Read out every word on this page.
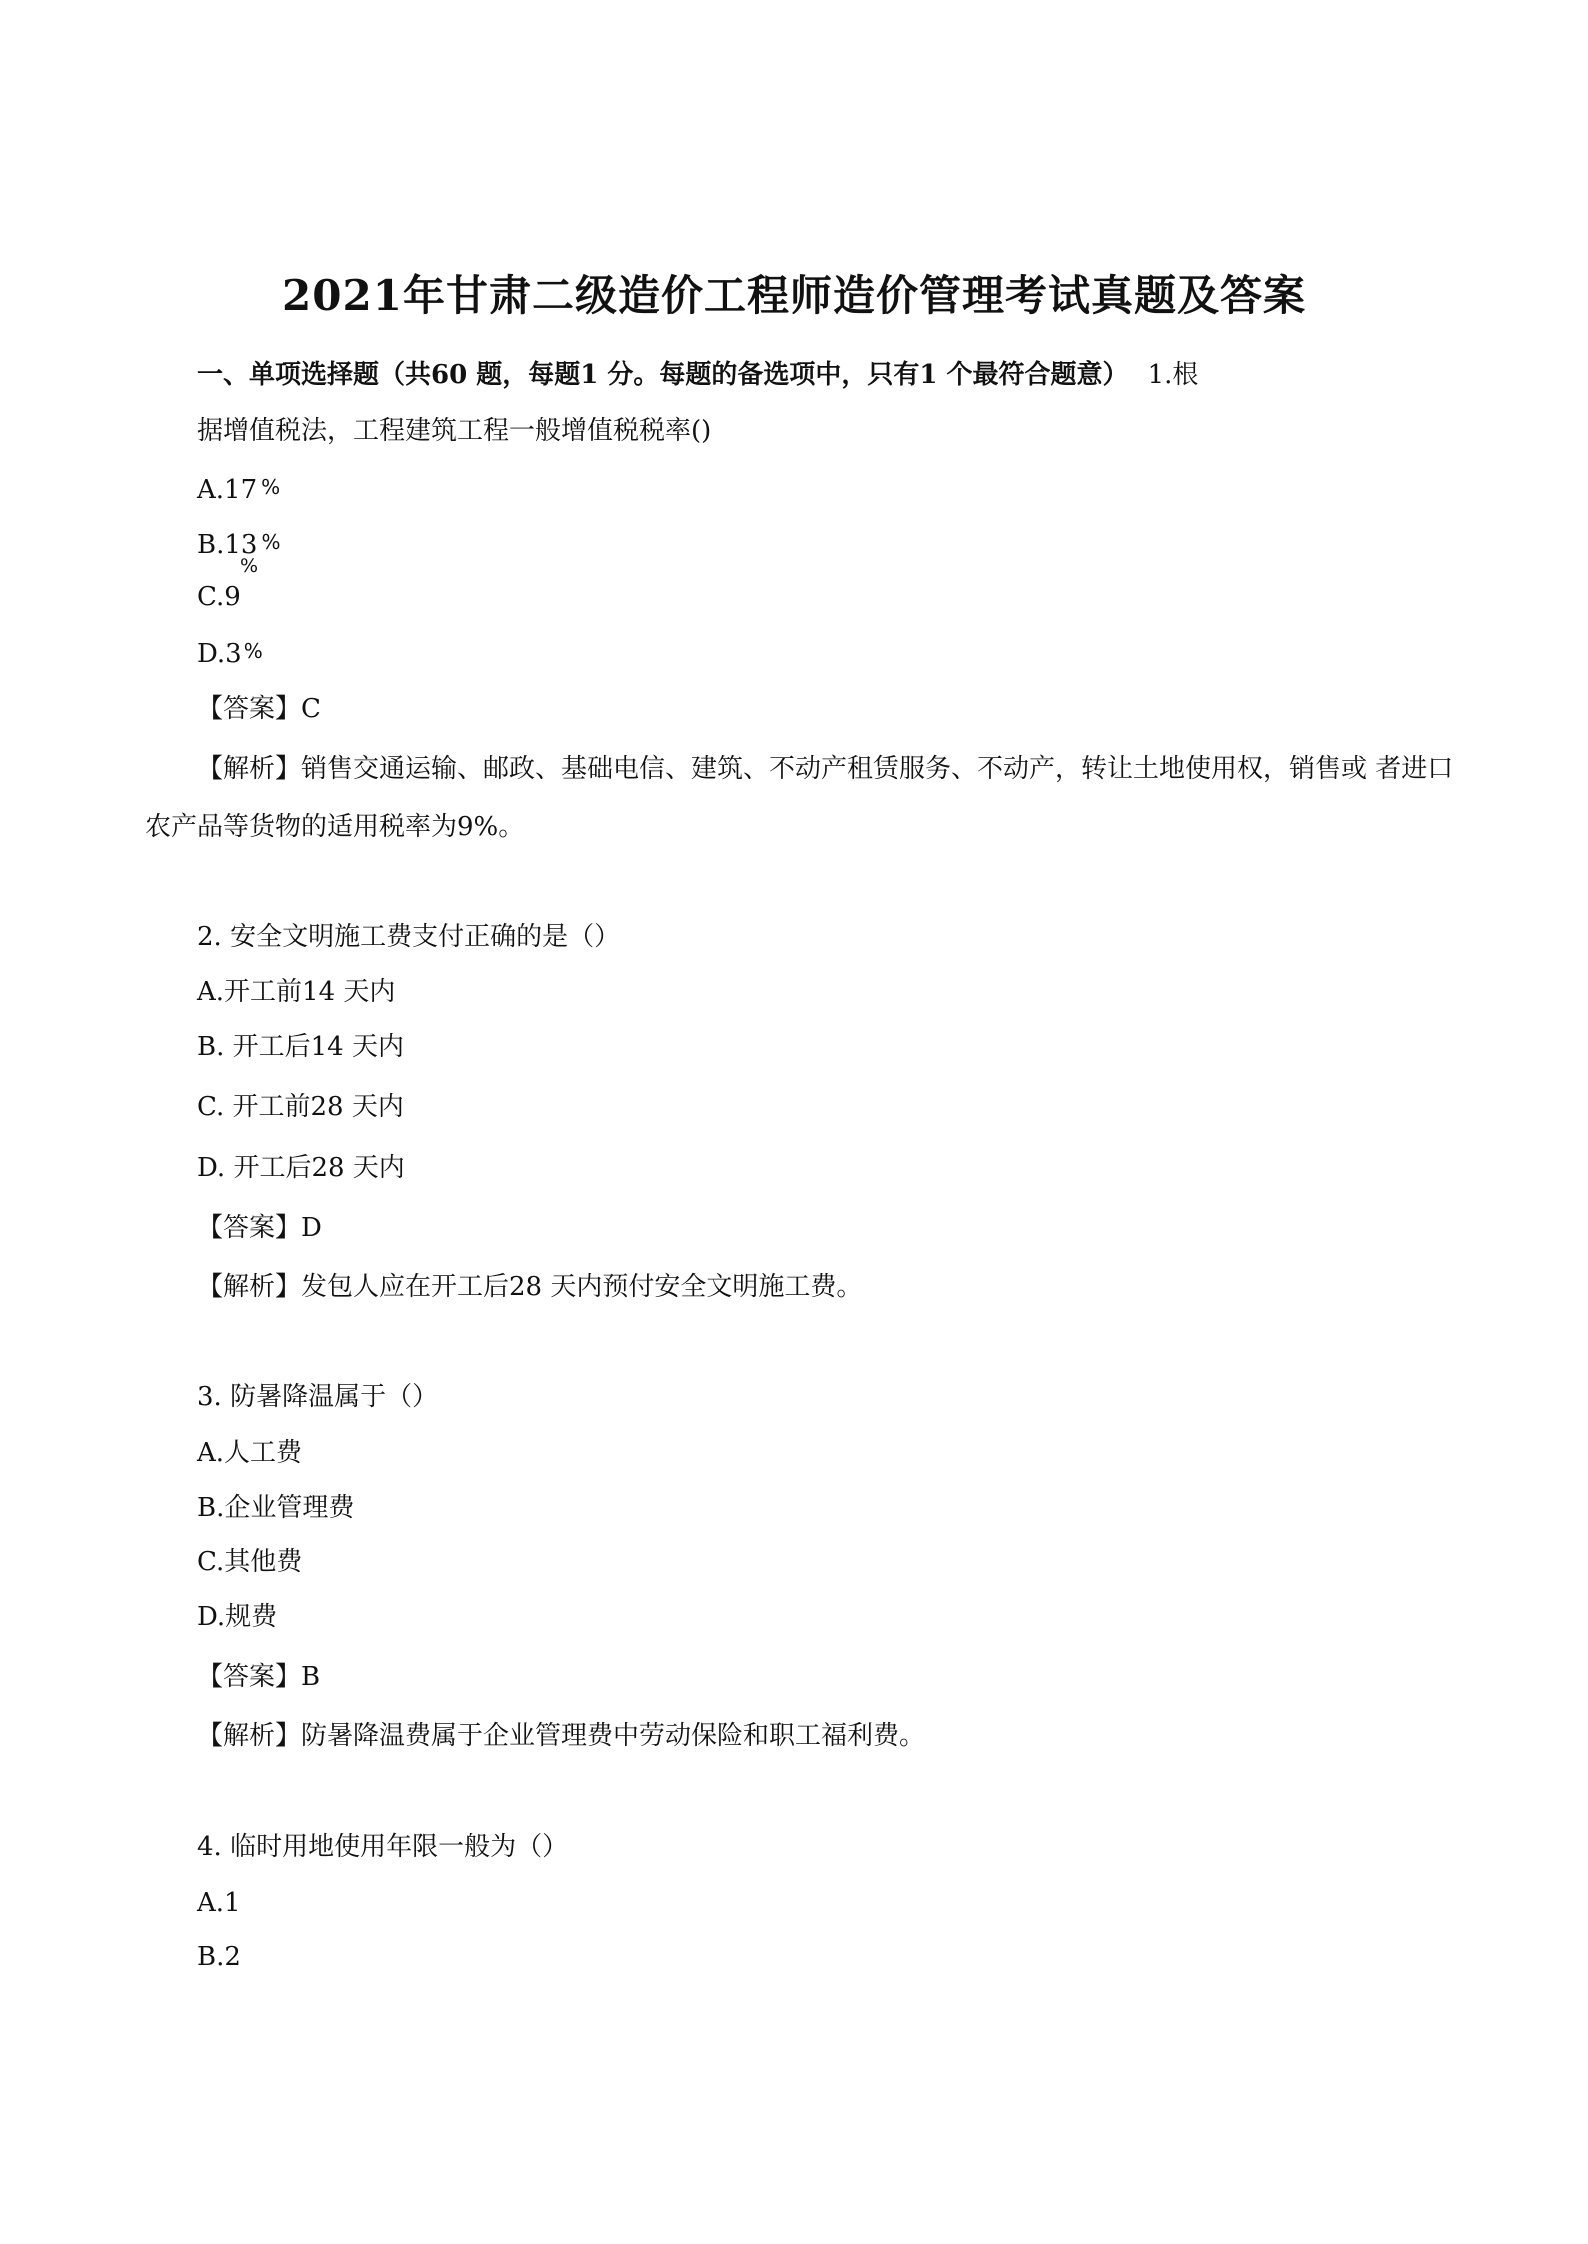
2021年甘肃二级造价工程师造价管理考试真题及答案
一、单项选择题（共60 题，每题1 分。每题的备选项中，只有1 个最符合题意） 1.根
据增值税法，工程建筑工程一般增值税税率()
A.17 %
B.13 %
%
C.9
D.3 %
【答案】C
【解析】销售交通运输、邮政、基础电信、建筑、不动产租赁服务、不动产，转让土地使用权，销售或 者进口
农产品等货物的适用税率为9%。
2. 安全文明施工费支付正确的是（）
A.开工前14 天内
B. 开工后14 天内
C. 开工前28 天内
D. 开工后28 天内
【答案】D
【解析】发包人应在开工后28 天内预付安全文明施工费。
3. 防暑降温属于（）
A.人工费
B.企业管理费
C.其他费
D.规费
【答案】B
【解析】防暑降温费属于企业管理费中劳动保险和职工福利费。
4. 临时用地使用年限一般为（）
A.1
B.2
